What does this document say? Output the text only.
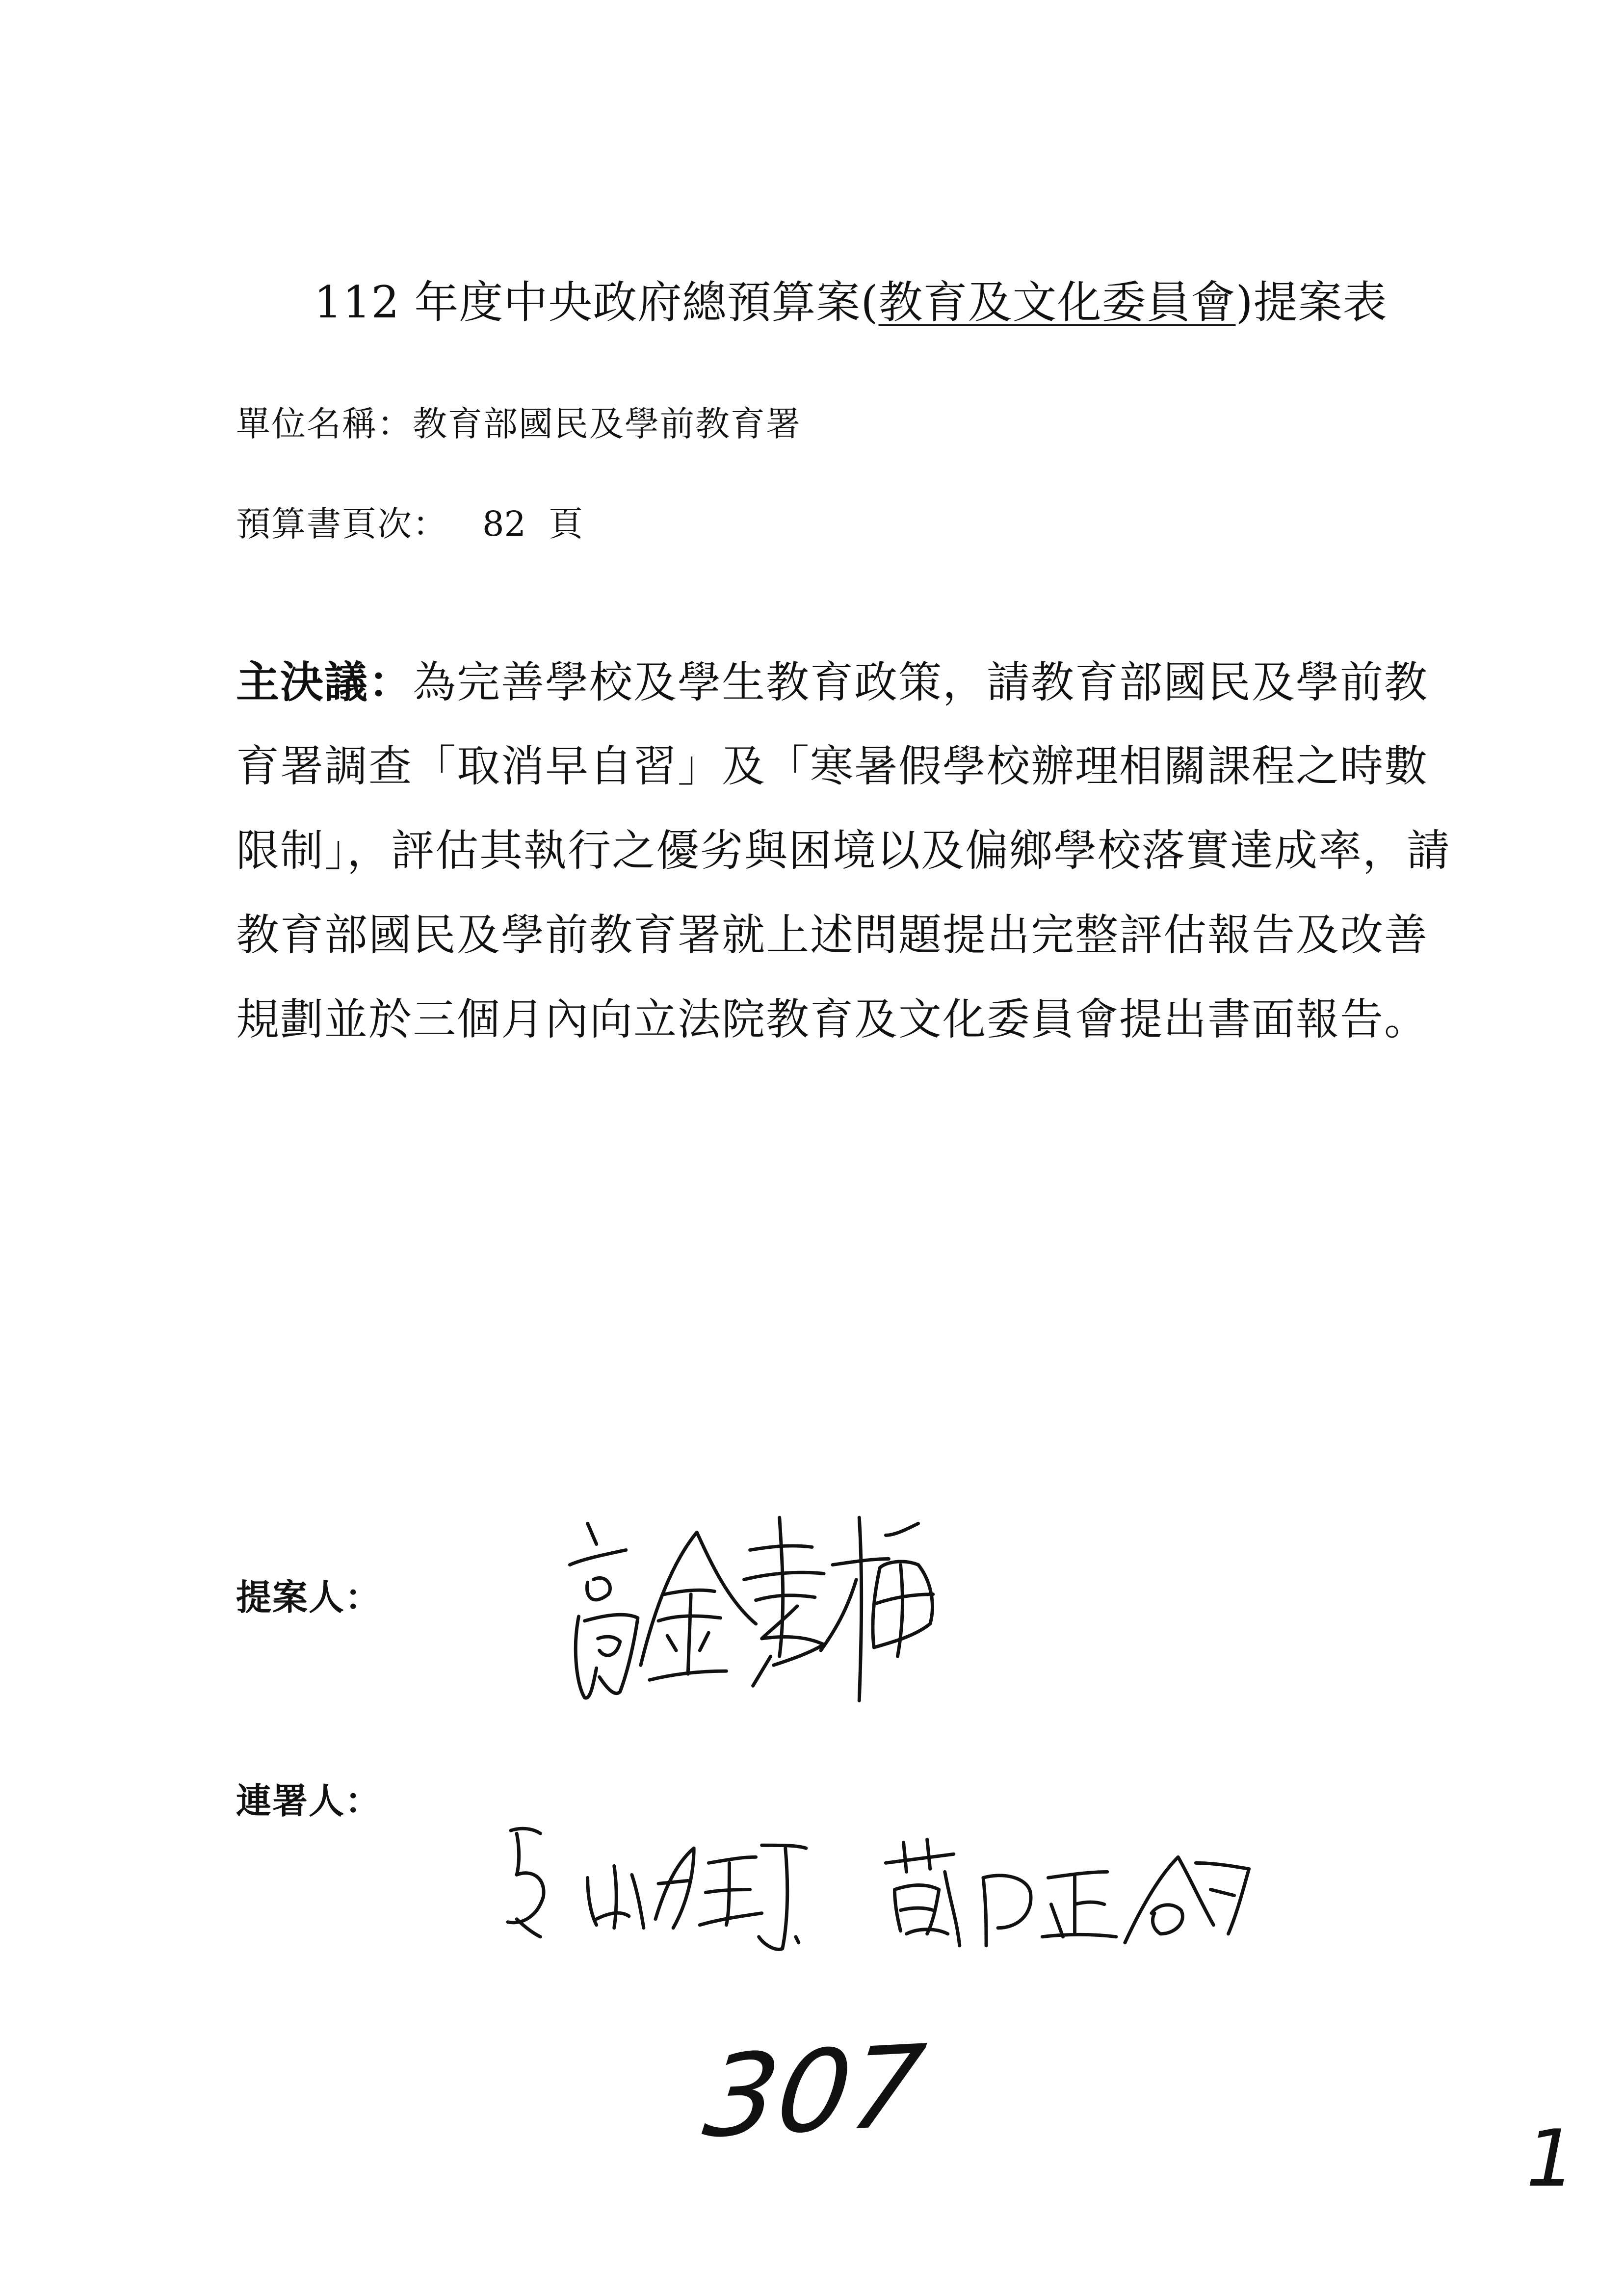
112 年度中央政府總預算案(教育及文化委員會)提案表
單位名稱：教育部國民及學前教育署
預算書頁次： 82 頁
主決議：為完善學校及學生教育政策，請教育部國民及學前教
育署調查「取消早自習」及「寒暑假學校辦理相關課程之時數
限制」，評估其執行之優劣與困境以及偏鄉學校落實達成率，請
教育部國民及學前教育署就上述問題提出完整評估報告及改善
規劃並於三個月內向立法院教育及文化委員會提出書面報告。
提案人：
連署人：
307	1
